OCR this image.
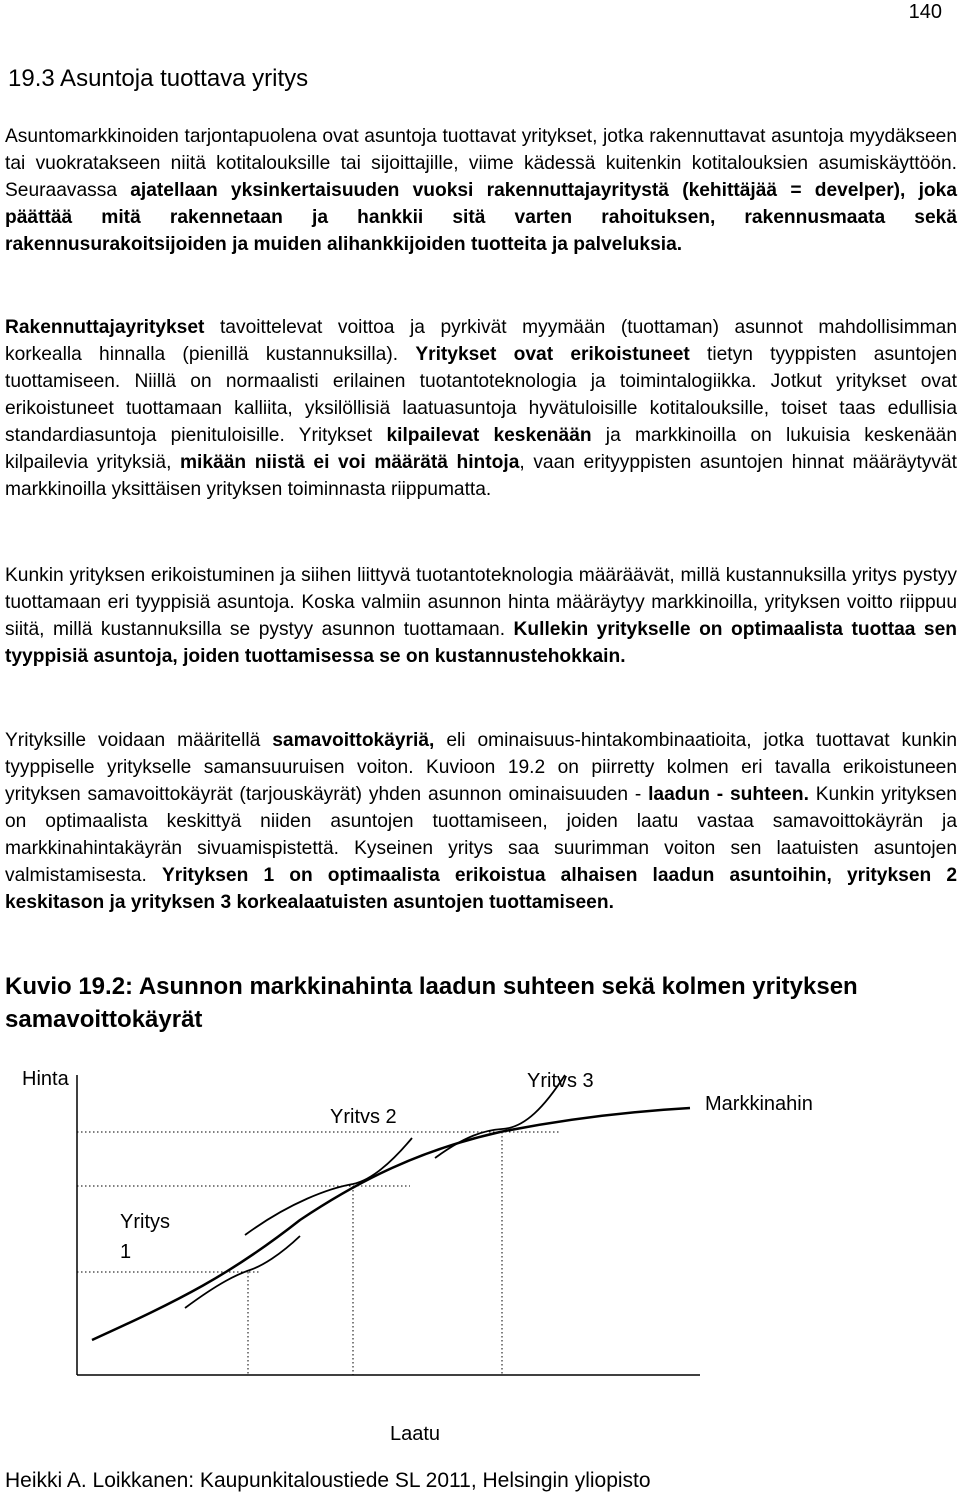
140
19.3 Asuntoja tuottava yritys

Asuntomarkkinoiden tarjontapuolena ovat asuntoja tuottavat yritykset, jotka rakennuttavat asuntoja myydäkseen tai vuokratakseen niitä kotitalouksille tai sijoittajille, viime kädessä kuitenkin kotitalouksien asumiskäyttöön. Seuraavassa ajatellaan yksinkertaisuuden vuoksi rakennuttajayritystä (kehittäjää = develper), joka päättää mitä rakennetaan ja hankkii sitä varten rahoituksen, rakennusmaata sekä rakennusurakoitsijoiden ja muiden alihankkijoiden tuotteita ja palveluksia.

Rakennuttajayritykset tavoittelevat voittoa ja pyrkivät myymään (tuottaman) asunnot mahdollisimman korkealla hinnalla (pienillä kustannuksilla). Yritykset ovat erikoistuneet tietyn tyyppisten asuntojen tuottamiseen. Niillä on normaalisti erilainen tuotantoteknologia ja toimintalogiikka. Jotkut yritykset ovat erikoistuneet tuottamaan kalliita, yksilöllisiä laatuasuntoja hyvätuloisille kotitalouksille, toiset taas edullisia standardiasuntoja pienituloisille. Yritykset kilpailevat keskenään ja markkinoilla on lukuisia keskenään kilpailevia yrityksiä, mikään niistä ei voi määrätä hintoja, vaan erityyppisten asuntojen hinnat määräytyvät markkinoilla yksittäisen yrityksen toiminnasta riippumatta.

Kunkin yrityksen erikoistuminen ja siihen liittyvä tuotantoteknologia määräävät, millä kustannuksilla yritys pystyy tuottamaan eri tyyppisiä asuntoja. Koska valmiin asunnon hinta määräytyy markkinoilla, yrityksen voitto riippuu siitä, millä kustannuksilla se pystyy asunnon tuottamaan. Kullekin yritykselle on optimaalista tuottaa sen tyyppisiä asuntoja, joiden tuottamisessa se on kustannustehokkain.

Yrityksille voidaan määritellä samavoittokäyriä, eli ominaisuus-hintakombinaatioita, jotka tuottavat kunkin tyyppiselle yritykselle samansuuruisen voiton. Kuvioon 19.2 on piirretty kolmen eri tavalla erikoistuneen yrityksen samavoittokäyrät (tarjouskäyrät) yhden asunnon ominaisuuden - laadun - suhteen. Kunkin yrityksen on optimaalista keskittyä niiden asuntojen tuottamiseen, joiden laatu vastaa samavoittokäyrän ja markkinahintakäyrän sivuamispistettä. Kyseinen yritys saa suurimman voiton sen laatuisten asuntojen valmistamisesta. Yrityksen 1 on optimaalista erikoistua alhaisen laadun asuntoihin, yrityksen 2 keskitason ja yrityksen 3 korkealaatuisten asuntojen tuottamiseen.

Kuvio 19.2: Asunnon markkinahinta laadun suhteen sekä kolmen yrityksen samavoittokäyrät
Hinta
Laatu
Markkinahin
Yritvs 3
Yritvs 2
Yritys
1
Heikki A. Loikkanen: Kaupunkitaloustiede SL 2011, Helsingin yliopisto
